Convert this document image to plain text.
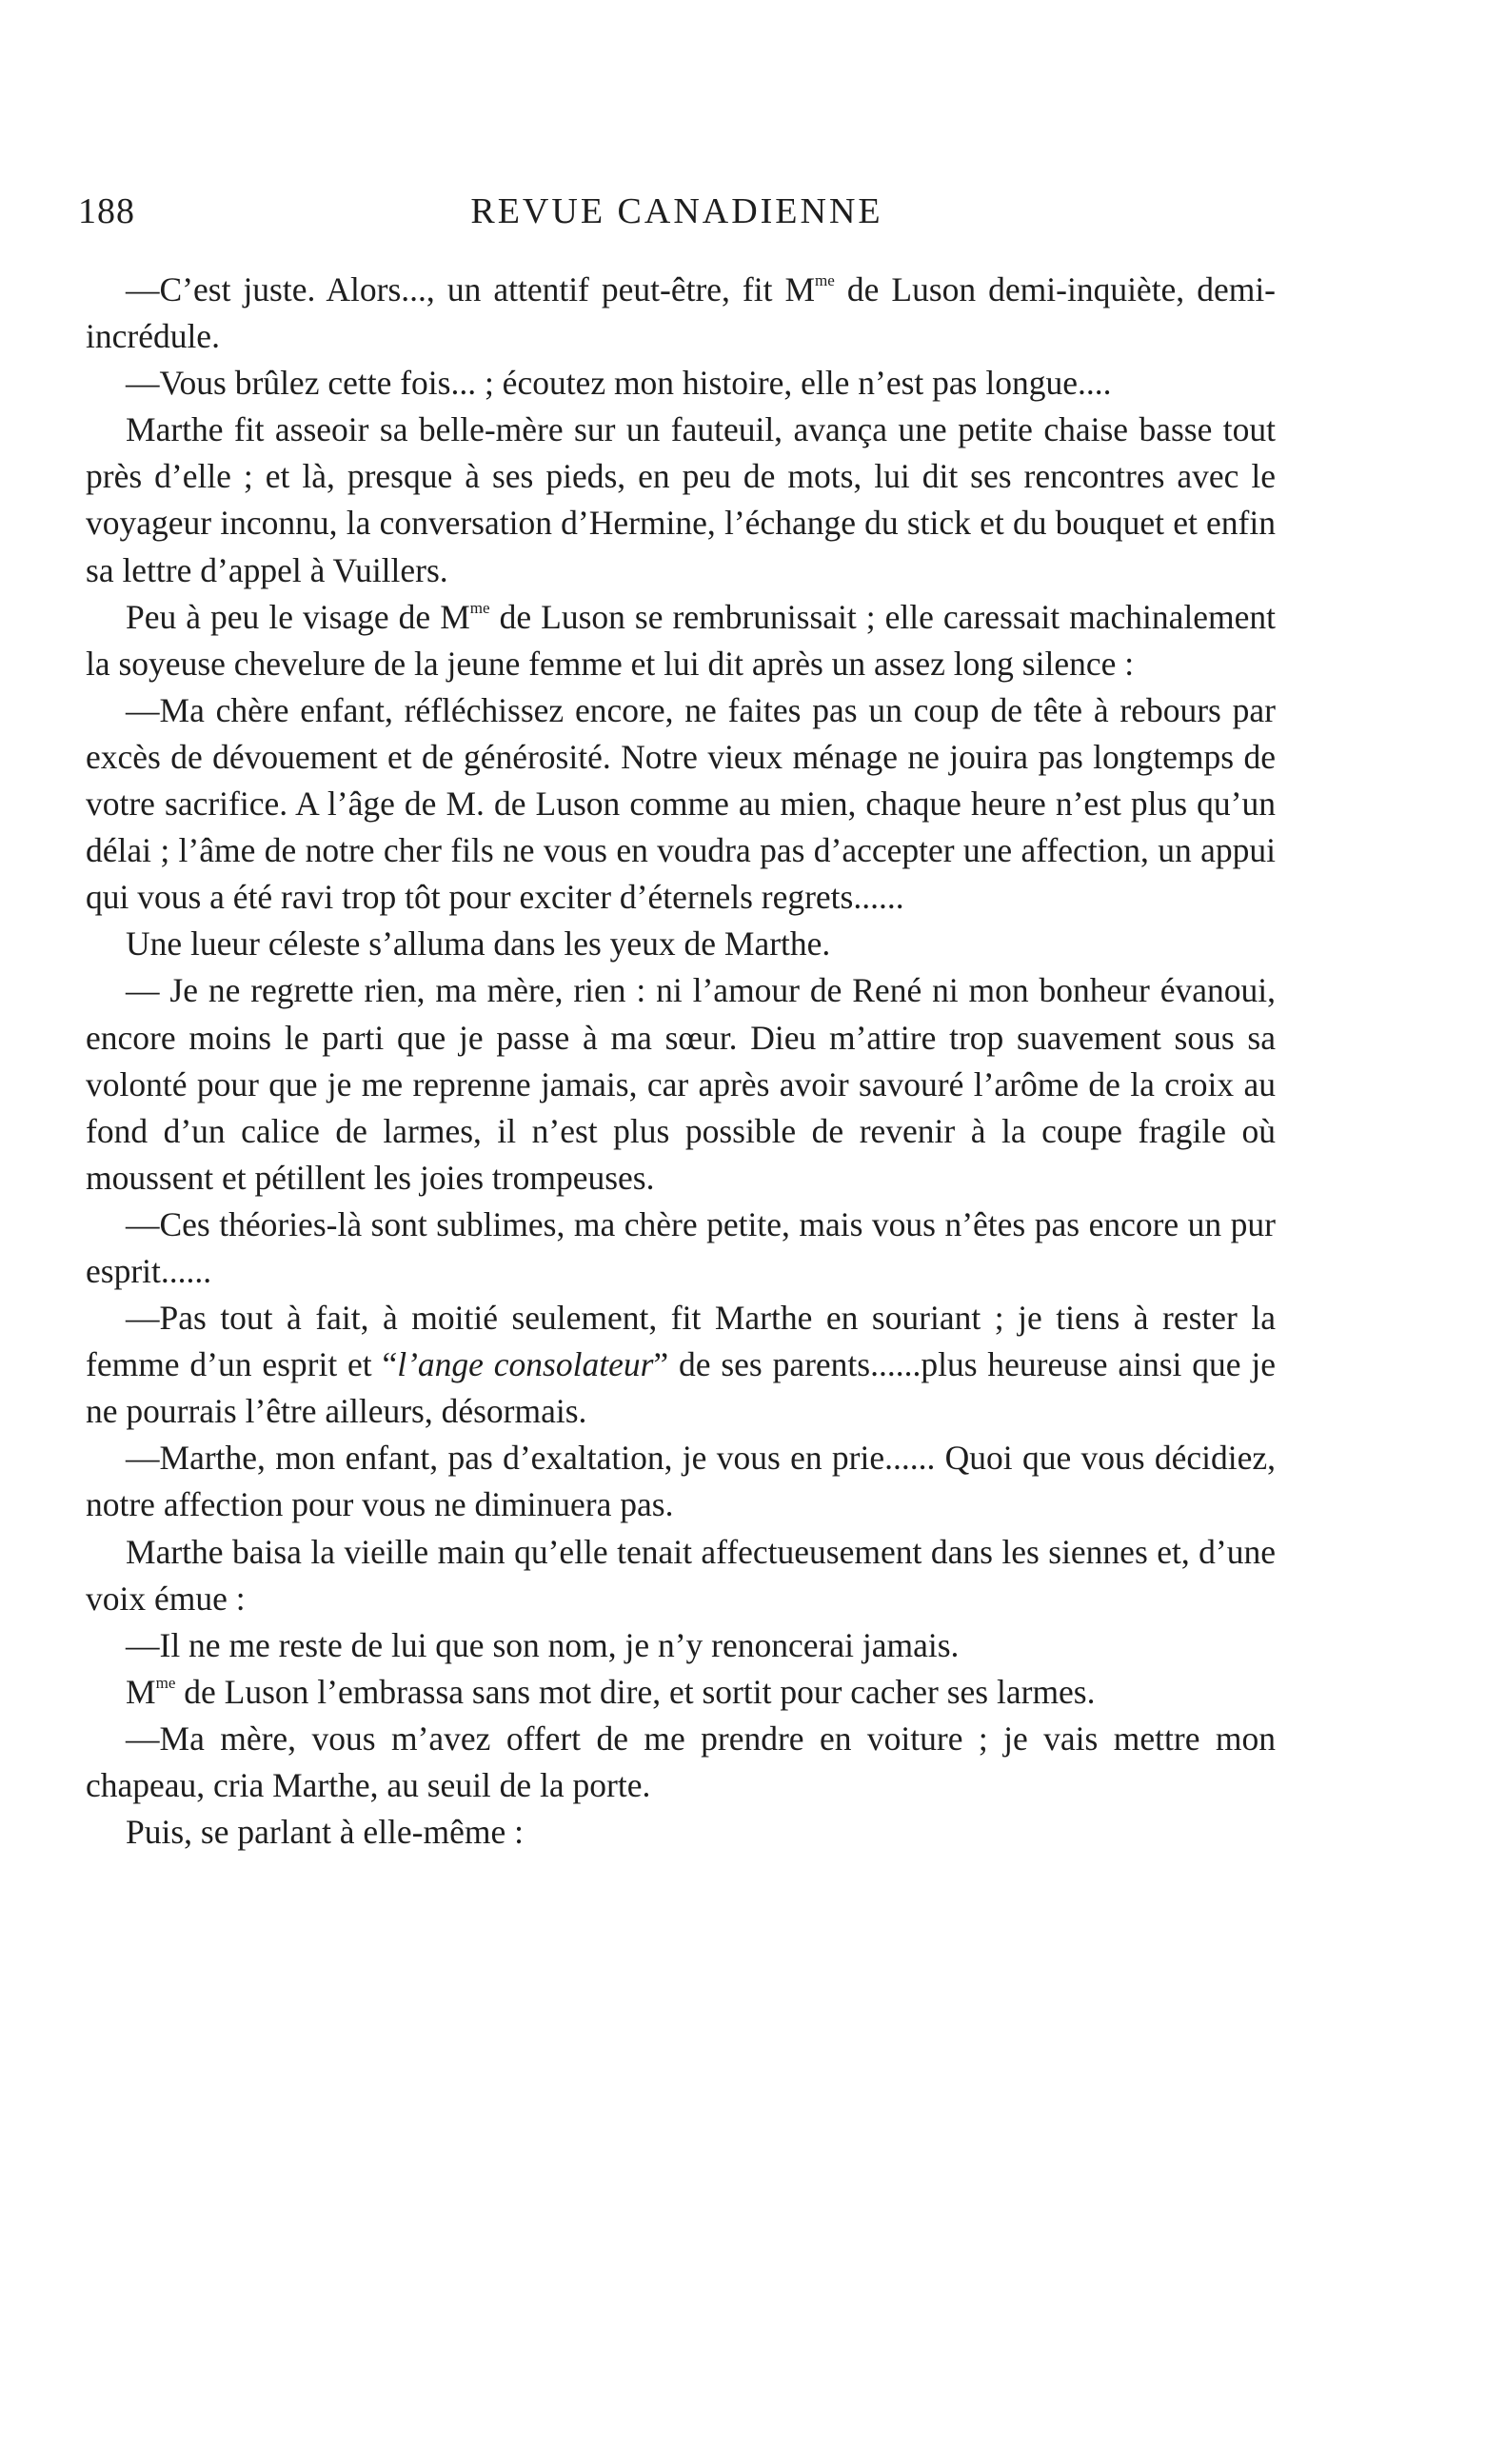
188	REVUE CANADIENNE

—C’est juste. Alors..., un attentif peut-être, fit $M^{me}$ de Luson demi-inquiète, demi-incrédule.

—Vous brûlez cette fois... ; écoutez mon histoire, elle n’est pas longue....

Marthe fit asseoir sa belle-mère sur un fauteuil, avança une petite chaise basse tout près d’elle ; et là, presque à ses pieds, en peu de mots, lui dit ses rencontres avec le voyageur inconnu, la conversation d’Hermine, l’échange du stick et du bouquet et enfin sa lettre d’appel à Vuillers.

Peu à peu le visage de $M^{me}$ de Luson se rembrunissait ; elle caressait machinalement la soyeuse chevelure de la jeune femme et lui dit après un assez long silence :

—Ma chère enfant, réfléchissez encore, ne faites pas un coup de tête à rebours par excès de dévouement et de générosité. Notre vieux ménage ne jouira pas longtemps de votre sacrifice. A l’âge de M. de Luson comme au mien, chaque heure n’est plus qu’un délai ; l’âme de notre cher fils ne vous en voudra pas d’accepter une affection, un appui qui vous a été ravi trop tôt pour exciter d’éternels regrets......

Une lueur céleste s’alluma dans les yeux de Marthe.

— Je ne regrette rien, ma mère, rien : ni l’amour de René ni mon bonheur évanoui, encore moins le parti que je passe à ma sœur. Dieu m’attire trop suavement sous sa volonté pour que je me reprenne jamais, car après avoir savouré l’arôme de la croix au fond d’un calice de larmes, il n’est plus possible de revenir à la coupe fragile où moussent et pétillent les joies trompeuses.

—Ces théories-là sont sublimes, ma chère petite, mais vous n’êtes pas encore un pur esprit......

—Pas tout à fait, à moitié seulement, fit Marthe en souriant ; je tiens à rester la femme d’un esprit et “l’ange consolateur” de ses parents......plus heureuse ainsi que je ne pourrais l’être ailleurs, désormais.

—Marthe, mon enfant, pas d’exaltation, je vous en prie...... Quoi que vous décidiez, notre affection pour vous ne diminuera pas.

Marthe baisa la vieille main qu’elle tenait affectueusement dans les siennes et, d’une voix émue :

—Il ne me reste de lui que son nom, je n’y renoncerai jamais.

$M^{me}$ de Luson l’embrassa sans mot dire, et sortit pour cacher ses larmes.

—Ma mère, vous m’avez offert de me prendre en voiture ; je vais mettre mon chapeau, cria Marthe, au seuil de la porte.

Puis, se parlant à elle-même :
